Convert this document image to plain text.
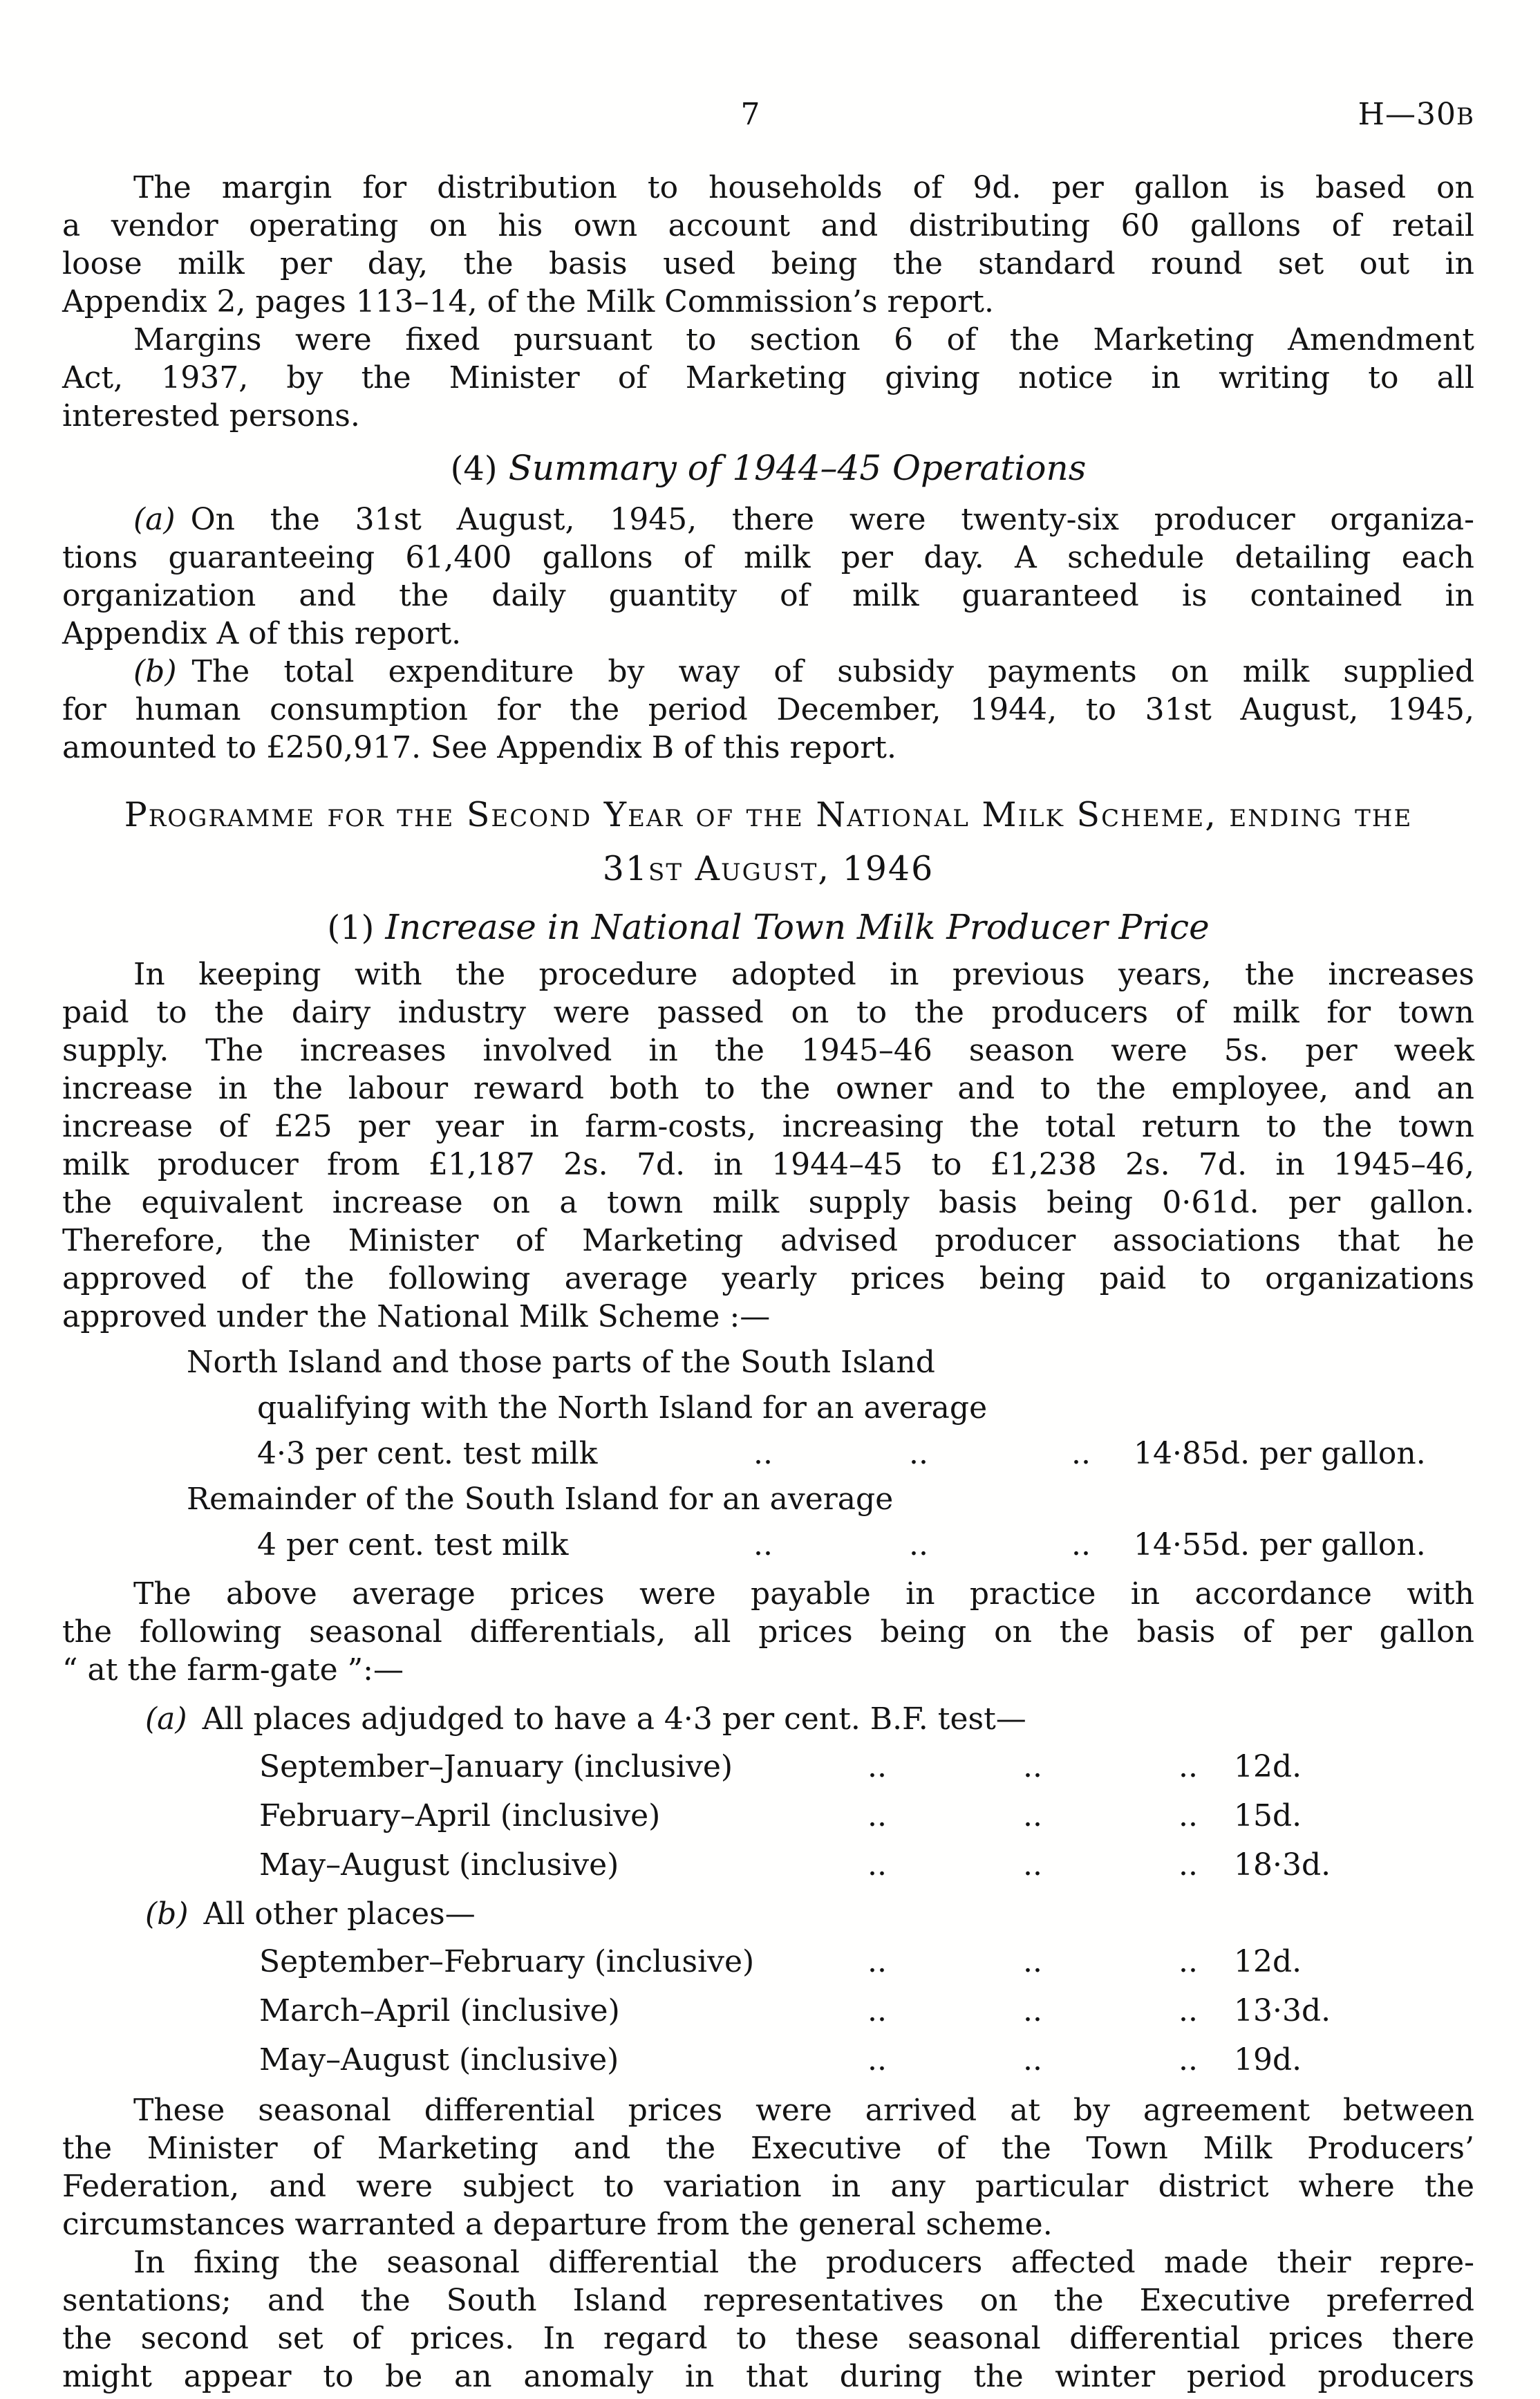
7	H—30B
The margin for distribution to households of 9d. per gallon is based on
a vendor operating on his own account and distributing 60 gallons of retail
loose milk per day, the basis used being the standard round set out in
Appendix 2, pages 113–14, of the Milk Commission’s report.
Margins were fixed pursuant to section 6 of the Marketing Amendment
Act, 1937, by the Minister of Marketing giving notice in writing to all
interested persons.
(4) Summary of 1944–45 Operations
(a) On the 31st August, 1945, there were twenty-six producer organiza-
tions guaranteeing 61,400 gallons of milk per day. A schedule detailing each
organization and the daily guantity of milk guaranteed is contained in
Appendix A of this report.
(b) The total expenditure by way of subsidy payments on milk supplied
for human consumption for the period December, 1944, to 31st August, 1945,
amounted to £250,917. See Appendix B of this report.
Programme for the Second Year of the National Milk Scheme, ending the
31st August, 1946
(1) Increase in National Town Milk Producer Price
In keeping with the procedure adopted in previous years, the increases
paid to the dairy industry were passed on to the producers of milk for town
supply. The increases involved in the 1945–46 season were 5s. per week
increase in the labour reward both to the owner and to the employee, and an
increase of £25 per year in farm-costs, increasing the total return to the town
milk producer from £1,187 2s. 7d. in 1944–45 to £1,238 2s. 7d. in 1945–46,
the equivalent increase on a town milk supply basis being 0·61d. per gallon.
Therefore, the Minister of Marketing advised producer associations that he
approved of the following average yearly prices being paid to organizations
approved under the National Milk Scheme :—
North Island and those parts of the South Island
qualifying with the North Island for an average
4·3 per cent. test milk	..	..	.. 14·85d. per gallon.
Remainder of the South Island for an average
4 per cent. test milk	..	..	.. 14·55d. per gallon.
The above average prices were payable in practice in accordance with
the following seasonal differentials, all prices being on the basis of per gallon
“ at the farm-gate ”:—
(a) All places adjudged to have a 4·3 per cent. B.F. test—
September–January (inclusive)	..	..	.. 12d.
February–April (inclusive)	..	..	.. 15d.
May–August (inclusive)	..	..	.. 18·3d.
(b) All other places—
September–February (inclusive)	..	..	.. 12d.
March–April (inclusive)	..	..	.. 13·3d.
May–August (inclusive)	..	..	.. 19d.
These seasonal differential prices were arrived at by agreement between
the Minister of Marketing and the Executive of the Town Milk Producers’
Federation, and were subject to variation in any particular district where the
circumstances warranted a departure from the general scheme.
In fixing the seasonal differential the producers affected made their repre-
sentations; and the South Island representatives on the Executive preferred
the second set of prices. In regard to these seasonal differential prices there
might appear to be an anomaly in that during the winter period producers
